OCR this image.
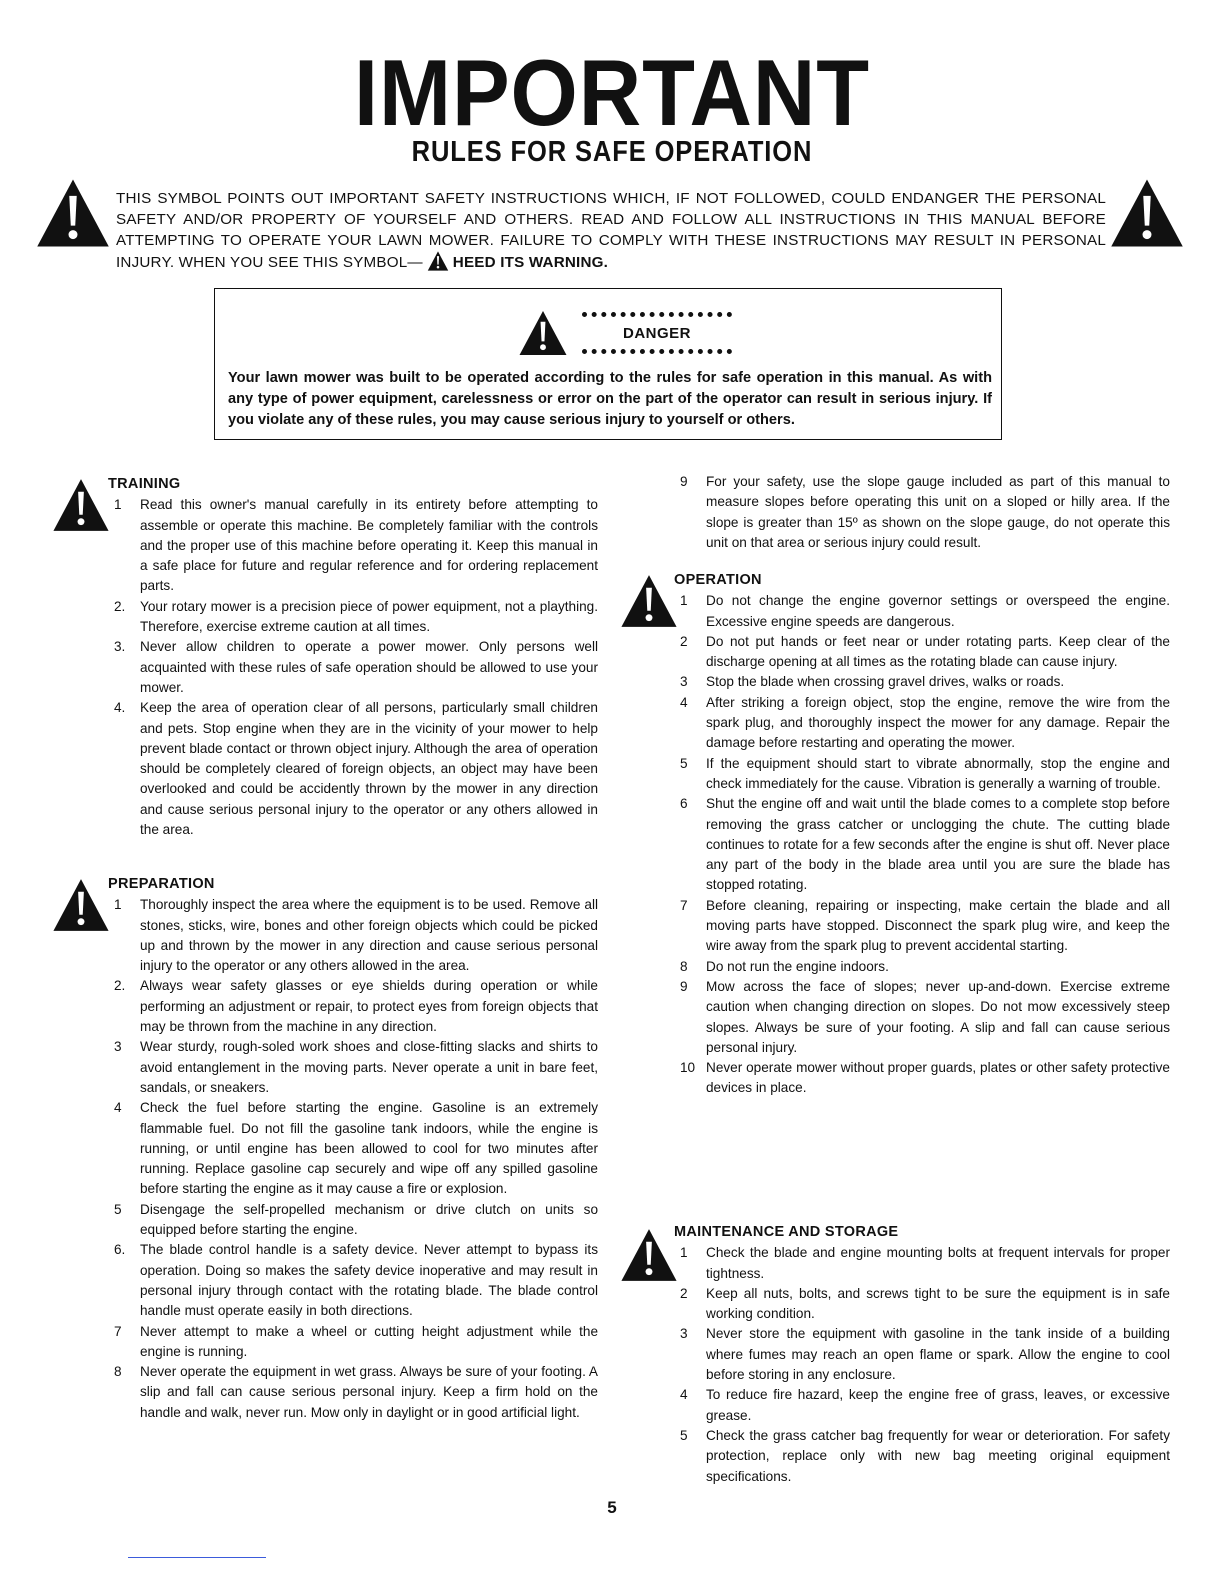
IMPORTANT
RULES FOR SAFE OPERATION
THIS SYMBOL POINTS OUT IMPORTANT SAFETY INSTRUCTIONS WHICH, IF NOT FOLLOWED, COULD ENDANGER THE PERSONAL SAFETY AND/OR PROPERTY OF YOURSELF AND OTHERS. READ AND FOLLOW ALL INSTRUCTIONS IN THIS MANUAL BEFORE ATTEMPTING TO OPERATE YOUR LAWN MOWER. FAILURE TO COMPLY WITH THESE INSTRUCTIONS MAY RESULT IN PERSONAL INJURY. WHEN YOU SEE THIS SYMBOL— HEED ITS WARNING.
DANGER
Your lawn mower was built to be operated according to the rules for safe operation in this manual. As with any type of power equipment, carelessness or error on the part of the operator can result in serious injury. If you violate any of these rules, you may cause serious injury to yourself or others.
TRAINING
1 Read this owner's manual carefully in its entirety before attempting to assemble or operate this machine. Be completely familiar with the controls and the proper use of this machine before operating it. Keep this manual in a safe place for future and regular reference and for ordering replacement parts.
2. Your rotary mower is a precision piece of power equipment, not a plaything. Therefore, exercise extreme caution at all times.
3. Never allow children to operate a power mower. Only persons well acquainted with these rules of safe operation should be allowed to use your mower.
4. Keep the area of operation clear of all persons, particularly small children and pets. Stop engine when they are in the vicinity of your mower to help prevent blade contact or thrown object injury. Although the area of operation should be completely cleared of foreign objects, an object may have been overlooked and could be accidently thrown by the mower in any direction and cause serious personal injury to the operator or any others allowed in the area.
PREPARATION
1 Thoroughly inspect the area where the equipment is to be used. Remove all stones, sticks, wire, bones and other foreign objects which could be picked up and thrown by the mower in any direction and cause serious personal injury to the operator or any others allowed in the area.
2. Always wear safety glasses or eye shields during operation or while performing an adjustment or repair, to protect eyes from foreign objects that may be thrown from the machine in any direction.
3 Wear sturdy, rough-soled work shoes and close-fitting slacks and shirts to avoid entanglement in the moving parts. Never operate a unit in bare feet, sandals, or sneakers.
4 Check the fuel before starting the engine. Gasoline is an extremely flammable fuel. Do not fill the gasoline tank indoors, while the engine is running, or until engine has been allowed to cool for two minutes after running. Replace gasoline cap securely and wipe off any spilled gasoline before starting the engine as it may cause a fire or explosion.
5 Disengage the self-propelled mechanism or drive clutch on units so equipped before starting the engine.
6. The blade control handle is a safety device. Never attempt to bypass its operation. Doing so makes the safety device inoperative and may result in personal injury through contact with the rotating blade. The blade control handle must operate easily in both directions.
7 Never attempt to make a wheel or cutting height adjustment while the engine is running.
8 Never operate the equipment in wet grass. Always be sure of your footing. A slip and fall can cause serious personal injury. Keep a firm hold on the handle and walk, never run. Mow only in daylight or in good artificial light.
9 For your safety, use the slope gauge included as part of this manual to measure slopes before operating this unit on a sloped or hilly area. If the slope is greater than 15º as shown on the slope gauge, do not operate this unit on that area or serious injury could result.
OPERATION
1 Do not change the engine governor settings or overspeed the engine. Excessive engine speeds are dangerous.
2 Do not put hands or feet near or under rotating parts. Keep clear of the discharge opening at all times as the rotating blade can cause injury.
3 Stop the blade when crossing gravel drives, walks or roads.
4 After striking a foreign object, stop the engine, remove the wire from the spark plug, and thoroughly inspect the mower for any damage. Repair the damage before restarting and operating the mower.
5 If the equipment should start to vibrate abnormally, stop the engine and check immediately for the cause. Vibration is generally a warning of trouble.
6 Shut the engine off and wait until the blade comes to a complete stop before removing the grass catcher or unclogging the chute. The cutting blade continues to rotate for a few seconds after the engine is shut off. Never place any part of the body in the blade area until you are sure the blade has stopped rotating.
7 Before cleaning, repairing or inspecting, make certain the blade and all moving parts have stopped. Disconnect the spark plug wire, and keep the wire away from the spark plug to prevent accidental starting.
8 Do not run the engine indoors.
9 Mow across the face of slopes; never up-and-down. Exercise extreme caution when changing direction on slopes. Do not mow excessively steep slopes. Always be sure of your footing. A slip and fall can cause serious personal injury.
10 Never operate mower without proper guards, plates or other safety protective devices in place.
MAINTENANCE AND STORAGE
1 Check the blade and engine mounting bolts at frequent intervals for proper tightness.
2 Keep all nuts, bolts, and screws tight to be sure the equipment is in safe working condition.
3 Never store the equipment with gasoline in the tank inside of a building where fumes may reach an open flame or spark. Allow the engine to cool before storing in any enclosure.
4 To reduce fire hazard, keep the engine free of grass, leaves, or excessive grease.
5 Check the grass catcher bag frequently for wear or deterioration. For safety protection, replace only with new bag meeting original equipment specifications.
5
